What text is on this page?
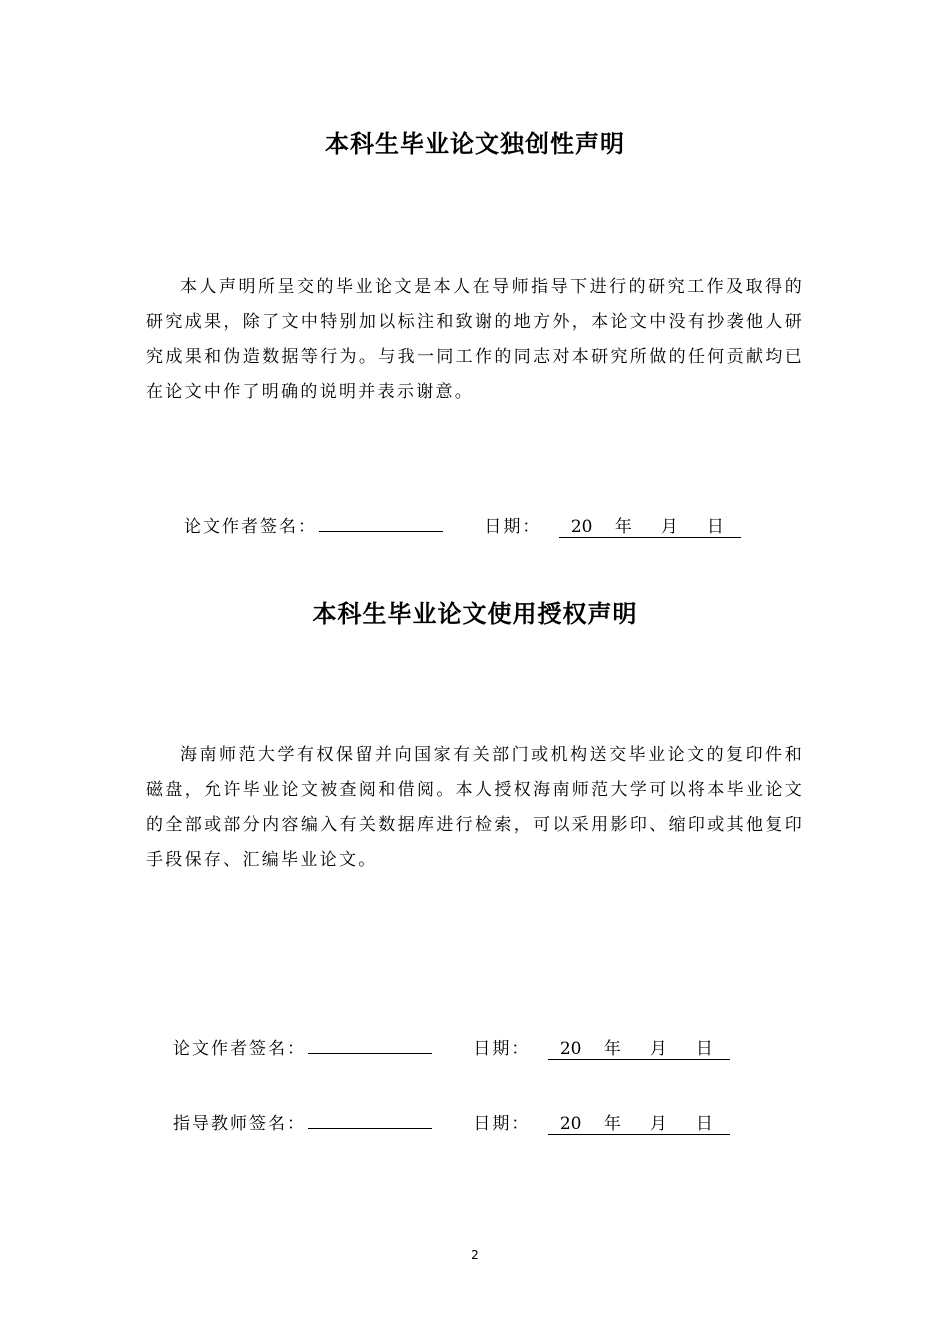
本科生毕业论文独创性声明

本人声明所呈交的毕业论文是本人在导师指导下进行的研究工作及取得的研究成果，除了文中特别加以标注和致谢的地方外，本论文中没有抄袭他人研究成果和伪造数据等行为。与我一同工作的同志对本研究所做的任何贡献均已在论文中作了明确的说明并表示谢意。

论文作者签名：	日期： 20 年 月 日
本科生毕业论文使用授权声明

海南师范大学有权保留并向国家有关部门或机构送交毕业论文的复印件和磁盘，允许毕业论文被查阅和借阅。本人授权海南师范大学可以将本毕业论文的全部或部分内容编入有关数据库进行检索，可以采用影印、缩印或其他复印手段保存、汇编毕业论文。

论文作者签名：	日期： 20 年 月 日
指导教师签名：	日期： 20 年 月 日
2
